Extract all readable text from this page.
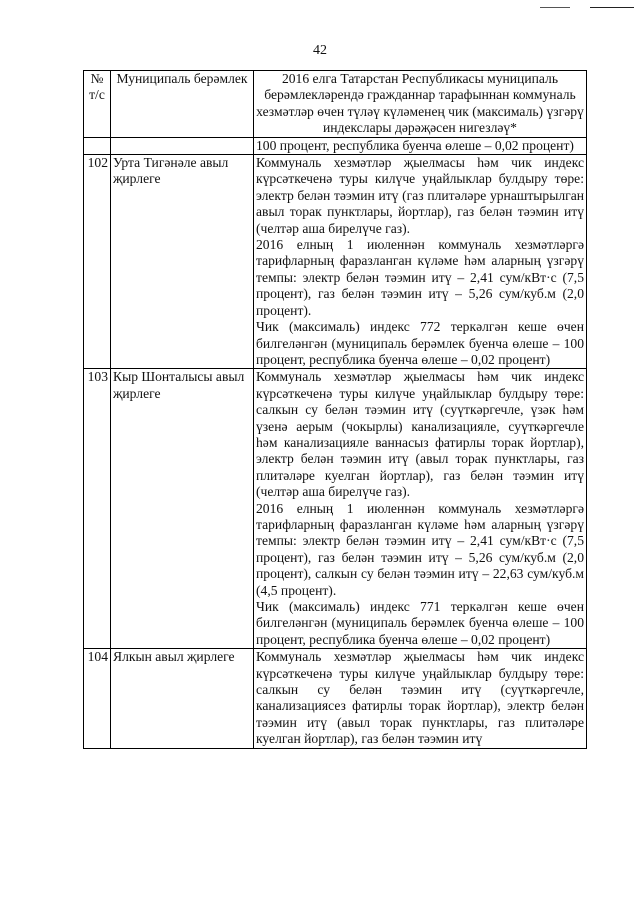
42
№ т/с	Муниципаль берәмлек	2016 елга Татарстан Республикасы муниципаль берәмлекләрендә гражданнар тарафыннан коммуналь хезмәтләр өчен түләү күләменең чик (максималь) үзгәрү индекслары дәрәҗәсен нигезләү*
		100 процент, республика буенча өлеше – 0,02 процент)
102	Урта Тигәнәле авыл җирлеге	Коммуналь хезмәтләр җыелмасы һәм чик индекс күрсәткеченә туры килүче уңайлыклар булдыру төре: электр белән тәэмин итү (газ плитәләре урнаштырылган авыл торак пунктлары, йортлар), газ белән тәэмин итү (челтәр аша бирелүче газ).
2016 елның 1 июленнән коммуналь хезмәтләргә тарифларның фаразланган күләме һәм аларның үзгәрү темпы: электр белән тәэмин итү – 2,41 сум/кВт·с (7,5 процент), газ белән тәэмин итү – 5,26 сум/куб.м (2,0 процент).
Чик (максималь) индекс 772 теркәлгән кеше өчен билгеләнгән (муниципаль берәмлек буенча өлеше – 100 процент, республика буенча өлеше – 0,02 процент)

103	Кыр Шонталысы авыл җирлеге	Коммуналь хезмәтләр җыелмасы һәм чик индекс күрсәткеченә туры килүче уңайлыклар булдыру төре: салкын су белән тәэмин итү (суүткәргечле, үзәк һәм үзенә аерым (чокырлы) канализацияле, суүткәргечле һәм канализацияле ваннасыз фатирлы торак йортлар), электр белән тәэмин итү (авыл торак пунктлары, газ плитәләре куелган йортлар), газ белән тәэмин итү (челтәр аша бирелүче газ).
2016 елның 1 июленнән коммуналь хезмәтләргә тарифларның фаразланган күләме һәм аларның үзгәрү темпы: электр белән тәэмин итү – 2,41 сум/кВт·с (7,5 процент), газ белән тәэмин итү – 5,26 сум/куб.м (2,0 процент), салкын су белән тәэмин итү – 22,63 сум/куб.м (4,5 процент).
Чик (максималь) индекс 771 теркәлгән кеше өчен билгеләнгән (муниципаль берәмлек буенча өлеше – 100 процент, республика буенча өлеше – 0,02 процент)

104	Ялкын авыл җирлеге	Коммуналь хезмәтләр җыелмасы һәм чик индекс күрсәткеченә туры килүче уңайлыклар булдыру төре: салкын су белән тәэмин итү (суүткәргечле, канализациясез фатирлы торак йортлар), электр белән тәэмин итү (авыл торак пунктлары, газ плитәләре куелган йортлар), газ белән тәэмин итү
